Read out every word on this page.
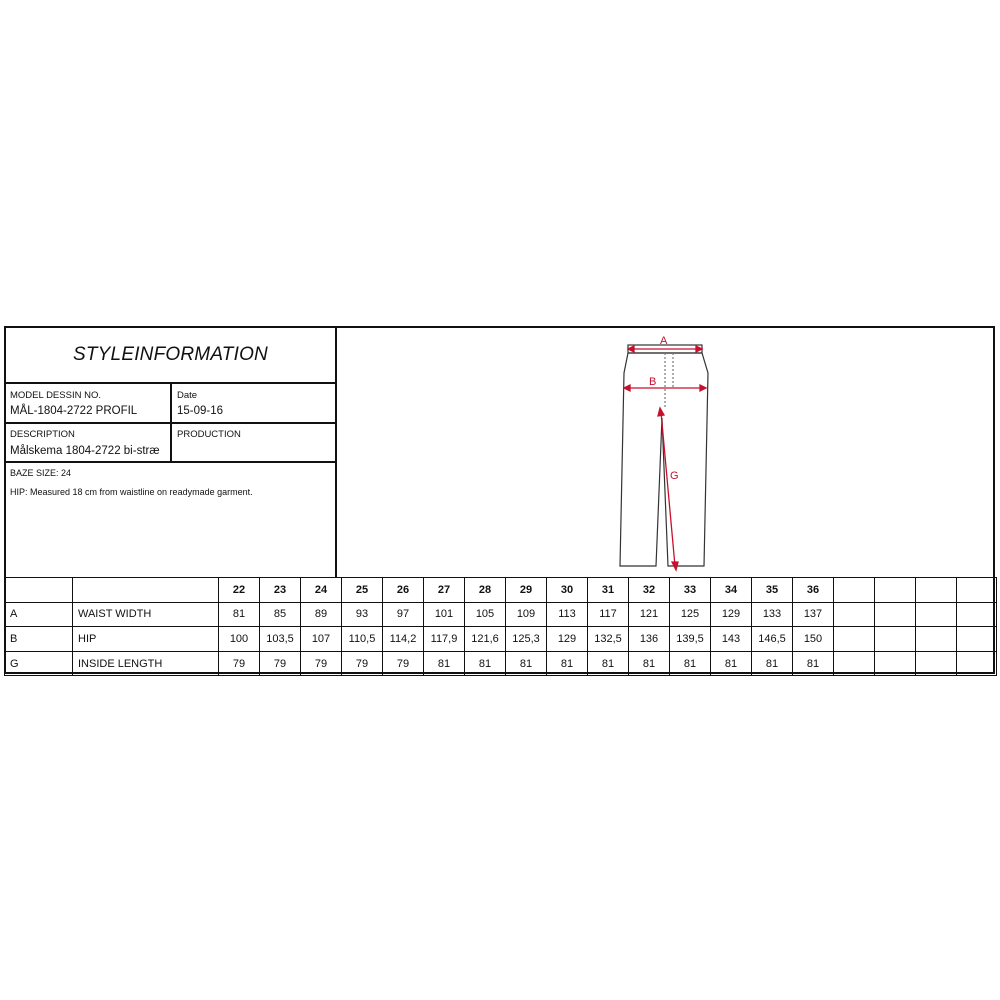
STYLEINFORMATION
MODEL DESSIN NO.
MÅL-1804-2722 PROFIL
Date
15-09-16
DESCRIPTION
Målskema 1804-2722 bi-stræ
PRODUCTION
BAZE SIZE: 24
HIP: Measured 18 cm from waistline on readymade garment.
A
B
G
		22	23	24	25	26	27	28	29	30	31	32	33	34	35	36				
A	WAIST WIDTH	81	85	89	93	97	101	105	109	113	117	121	125	129	133	137				
B	HIP	100	103,5	107	110,5	114,2	117,9	121,6	125,3	129	132,5	136	139,5	143	146,5	150				
G	INSIDE LENGTH	79	79	79	79	79	81	81	81	81	81	81	81	81	81	81				
